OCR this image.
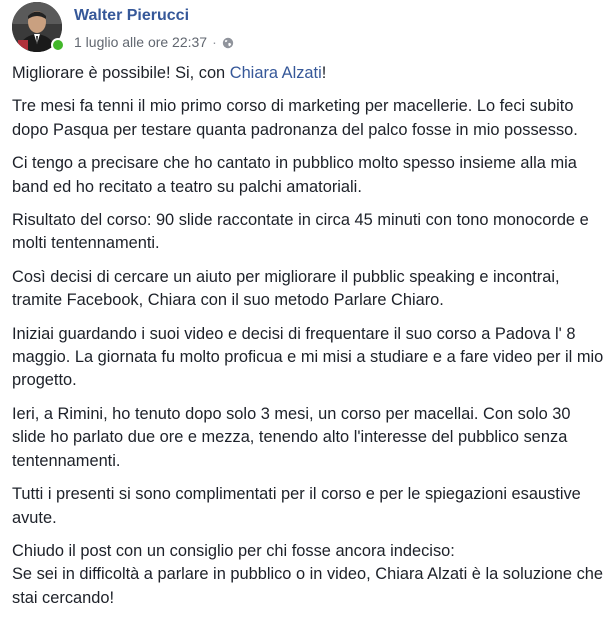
Walter Pierucci
1 luglio alle ore 22:37 ·

Migliorare è possibile! Si, con Chiara Alzati!

Tre mesi fa tenni il mio primo corso di marketing per macellerie. Lo feci subito dopo Pasqua per testare quanta padronanza del palco fosse in mio possesso.

Ci tengo a precisare che ho cantato in pubblico molto spesso insieme alla mia band ed ho recitato a teatro su palchi amatoriali.

Risultato del corso: 90 slide raccontate in circa 45 minuti con tono monocorde e molti tentennamenti.

Così decisi di cercare un aiuto per migliorare il pubblic speaking e incontrai, tramite Facebook, Chiara con il suo metodo Parlare Chiaro.

Iniziai guardando i suoi video e decisi di frequentare il suo corso a Padova l' 8 maggio. La giornata fu molto proficua e mi misi a studiare e a fare video per il mio progetto.

Ieri, a Rimini, ho tenuto dopo solo 3 mesi, un corso per macellai. Con solo 30 slide ho parlato due ore e mezza, tenendo alto l'interesse del pubblico senza tentennamenti.

Tutti i presenti si sono complimentati per il corso e per le spiegazioni esaustive avute.

Chiudo il post con un consiglio per chi fosse ancora indeciso:
Se sei in difficoltà a parlare in pubblico o in video, Chiara Alzati è la soluzione che stai cercando!
